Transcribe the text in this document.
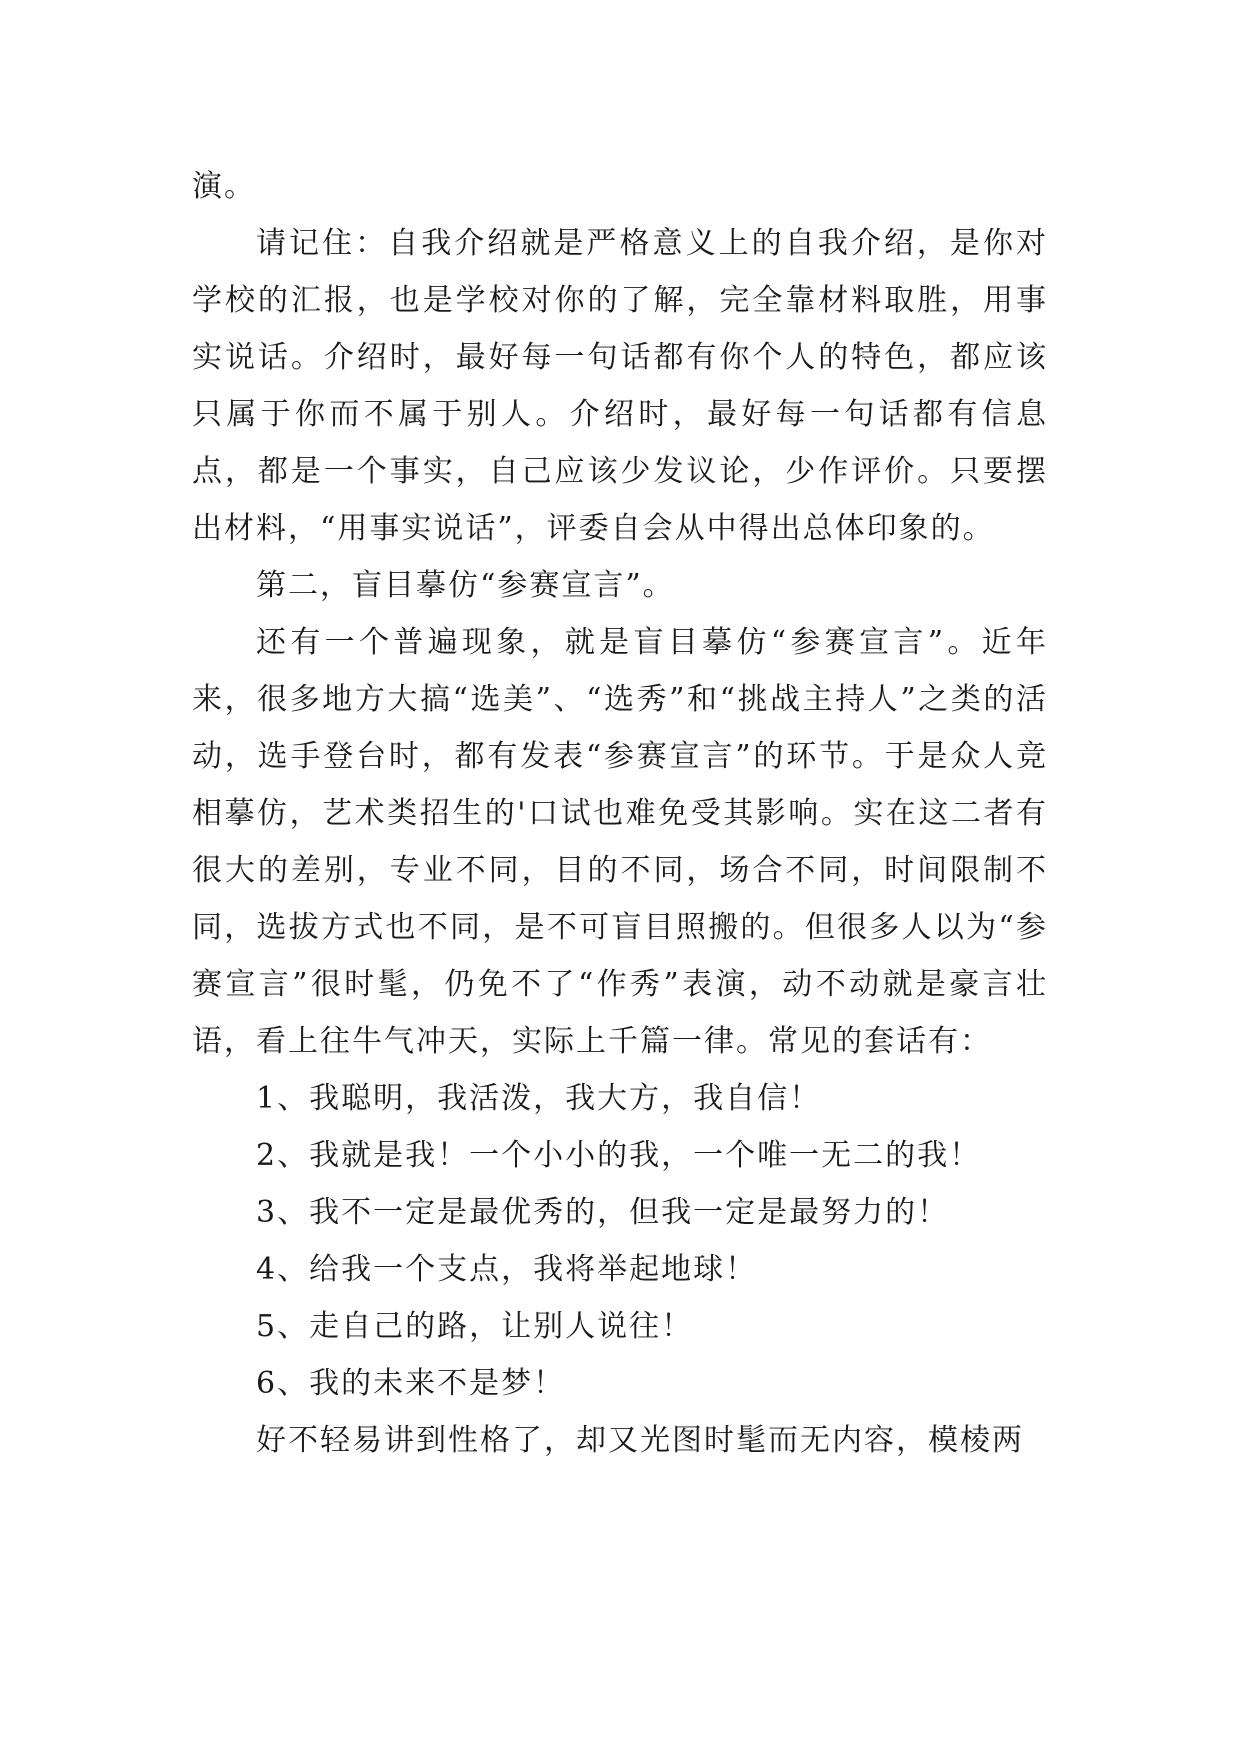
演。

请记住：自我介绍就是严格意义上的自我介绍，是你对学校的汇报，也是学校对你的了解，完全靠材料取胜，用事实说话。介绍时，最好每一句话都有你个人的特色，都应该只属于你而不属于别人。介绍时，最好每一句话都有信息点，都是一个事实，自己应该少发议论，少作评价。只要摆出材料，“用事实说话”，评委自会从中得出总体印象的。

第二，盲目摹仿“参赛宣言”。

还有一个普遍现象，就是盲目摹仿“参赛宣言”。近年来，很多地方大搞“选美”、“选秀”和“挑战主持人”之类的活动，选手登台时，都有发表“参赛宣言”的环节。于是众人竞相摹仿，艺术类招生的'口试也难免受其影响。实在这二者有很大的差别，专业不同，目的不同，场合不同，时间限制不同，选拔方式也不同，是不可盲目照搬的。但很多人以为“参赛宣言”很时髦，仍免不了“作秀”表演，动不动就是豪言壮语，看上往牛气冲天，实际上千篇一律。常见的套话有：

1、我聪明，我活泼，我大方，我自信！

2、我就是我！一个小小的我，一个唯一无二的我！

3、我不一定是最优秀的，但我一定是最努力的！

4、给我一个支点，我将举起地球！

5、走自己的路，让别人说往！

6、我的未来不是梦！

好不轻易讲到性格了，却又光图时髦而无内容，模棱两
